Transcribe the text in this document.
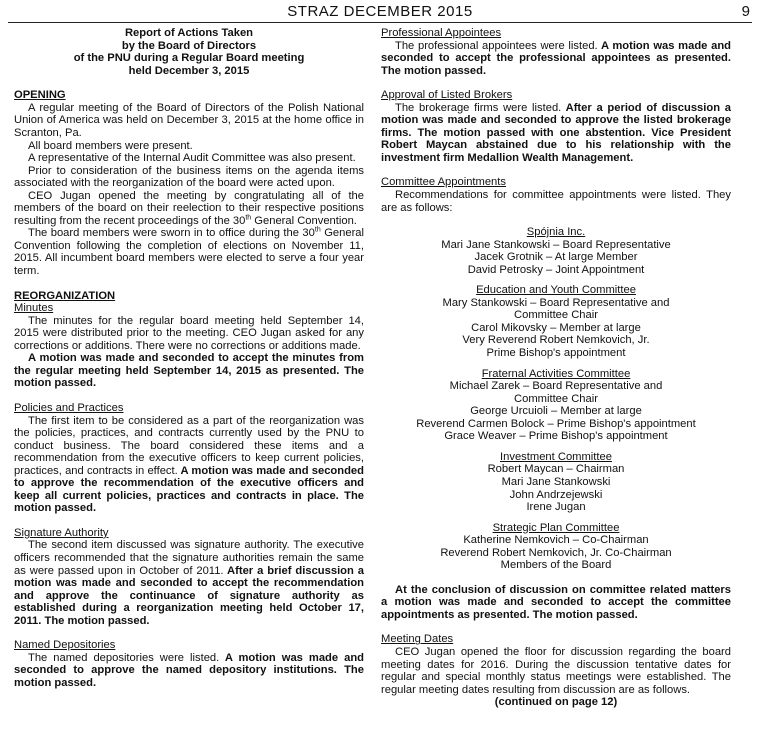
STRAZ DECEMBER 2015	9
Report of Actions Taken
by the Board of Directors
of the PNU during a Regular Board meeting
held December 3, 2015
OPENING

A regular meeting of the Board of Directors of the Polish National Union of America was held on December 3, 2015 at the home office in Scranton, Pa.

All board members were present.

A representative of the Internal Audit Committee was also present.

Prior to consideration of the business items on the agenda items associated with the reorganization of the board were acted upon.

CEO Jugan opened the meeting by congratulating all of the members of the board on their reelection to their respective positions resulting from the recent proceedings of the 30th General Convention.

The board members were sworn in to office during the 30th General Convention following the completion of elections on November 11, 2015. All incumbent board members were elected to serve a four year term.

REORGANIZATION
Minutes

The minutes for the regular board meeting held September 14, 2015 were distributed prior to the meeting. CEO Jugan asked for any corrections or additions. There were no corrections or additions made.

A motion was made and seconded to accept the minutes from the regular meeting held September 14, 2015 as presented. The motion passed.

Policies and Practices

The first item to be considered as a part of the reorganization was the policies, practices, and contracts currently used by the PNU to conduct business. The board considered these items and a recommendation from the executive officers to keep current policies, practices, and contracts in effect. A motion was made and seconded to approve the recommendation of the executive officers and keep all current policies, practices and contracts in place. The motion passed.

Signature Authority

The second item discussed was signature authority. The executive officers recommended that the signature authorities remain the same as were passed upon in October of 2011. After a brief discussion a motion was made and seconded to accept the recommendation and approve the continuance of signature authority as established during a reorganization meeting held October 17, 2011. The motion passed.

Named Depositories

The named depositories were listed. A motion was made and seconded to approve the named depository institutions. The motion passed.

Professional Appointees

The professional appointees were listed. A motion was made and seconded to accept the professional appointees as presented. The motion passed.

Approval of Listed Brokers

The brokerage firms were listed. After a period of discussion a motion was made and seconded to approve the listed brokerage firms. The motion passed with one abstention. Vice President Robert Maycan abstained due to his relationship with the investment firm Medallion Wealth Management.

Committee Appointments

Recommendations for committee appointments were listed. They are as follows:

Spójnia Inc.
Mari Jane Stankowski – Board Representative
Jacek Grotnik – At large Member
David Petrosky – Joint Appointment
Education and Youth Committee
Mary Stankowski – Board Representative and
Committee Chair
Carol Mikovsky – Member at large
Very Reverend Robert Nemkovich, Jr.
Prime Bishop's appointment
Fraternal Activities Committee
Michael Zarek – Board Representative and
Committee Chair
George Urcuioli – Member at large
Reverend Carmen Bolock – Prime Bishop's appointment
Grace Weaver – Prime Bishop's appointment
Investment Committee
Robert Maycan – Chairman
Mari Jane Stankowski
John Andrzejewski
Irene Jugan
Strategic Plan Committee
Katherine Nemkovich – Co-Chairman
Reverend Robert Nemkovich, Jr. Co-Chairman
Members of the Board

At the conclusion of discussion on committee related matters a motion was made and seconded to accept the committee appointments as presented. The motion passed.

Meeting Dates

CEO Jugan opened the floor for discussion regarding the board meeting dates for 2016. During the discussion tentative dates for regular and special monthly status meetings were established. The regular meeting dates resulting from discussion are as follows.

(continued on page 12)
